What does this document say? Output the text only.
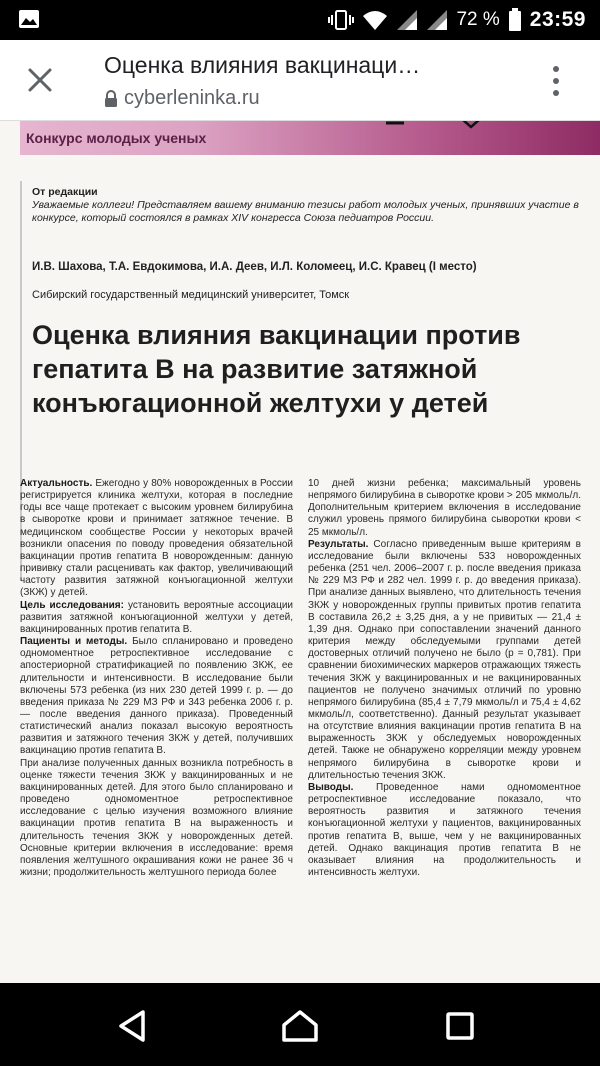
72 % 23:59
Оценка влияния вакцинаци…
cyberleninka.ru
Конкурс молодых ученых
От редакции
Уважаемые коллеги! Представляем вашему вниманию тезисы работ молодых ученых, принявших участие в конкурсе, который состоялся в рамках XIV конгресса Союза педиатров России.
И.В. Шахова, Т.А. Евдокимова, И.А. Деев, И.Л. Коломеец, И.С. Кравец (I место)
Сибирский государственный медицинский университет, Томск
Оценка влияния вакцинации против гепатита В на развитие затяжной конъюгационной желтухи у детей

Актуальность. Ежегодно у 80% новорожденных в России регистрируется клиника желтухи, которая в последние годы все чаще протекает с высоким уровнем билирубина в сыворотке крови и принимает затяжное течение. В медицинском сообществе России у некоторых врачей возникли опасения по поводу проведения обязательной вакцинации против гепатита В новорожденным: данную прививку стали расценивать как фактор, увеличивающий частоту развития затяжной конъюгационной желтухи (ЗКЖ) у детей.

Цель исследования: установить вероятные ассоциации развития затяжной конъюгационной желтухи у детей, вакцинированных против гепатита В.

Пациенты и методы. Было спланировано и проведено одномоментное ретроспективное исследование с апостериорной стратификацией по появлению ЗКЖ, ее длительности и интенсивности. В исследование были включены 573 ребенка (из них 230 детей 1999 г. р. — до введения приказа № 229 МЗ РФ и 343 ребенка 2006 г. р. — после введения данного приказа). Проведенный статистический анализ показал высокую вероятность развития и затяжного течения ЗКЖ у детей, получивших вакцинацию против гепатита В.

При анализе полученных данных возникла потребность в оценке тяжести течения ЗКЖ у вакцинированных и не вакцинированных детей. Для этого было спланировано и проведено одномоментное ретроспективное исследование с целью изучения возможного влияние вакцинации против гепатита В на выраженность и длительность течения ЗКЖ у новорожденных детей. Основные критерии включения в исследование: время появления желтушного окрашивания кожи не ранее 36 ч жизни; продолжительность желтушного периода более

10 дней жизни ребенка; максимальный уровень непрямого билирубина в сыворотке крови > 205 мкмоль/л. Дополнительным критерием включения в исследование служил уровень прямого билирубина сыворотки крови < 25 мкмоль/л.

Результаты. Согласно приведенным выше критериям в исследование были включены 533 новорожденных ребенка (251 чел. 2006–2007 г. р. после введения приказа № 229 МЗ РФ и 282 чел. 1999 г. р. до введения приказа). При анализе данных выявлено, что длительность течения ЗКЖ у новорожденных группы привитых против гепатита В составила 26,2 ± 3,25 дня, а у не привитых — 21,4 ± 1,39 дня. Однако при сопоставлении значений данного критерия между обследуемыми группами детей достоверных отличий получено не было (p = 0,781). При сравнении биохимических маркеров отражающих тяжесть течения ЗКЖ у вакцинированных и не вакцинированных пациентов не получено значимых отличий по уровню непрямого билирубина (85,4 ± 7,79 мкмоль/л и 75,4 ± 4,62 мкмоль/л, соответственно). Данный результат указывает на отсутствие влияния вакцинации против гепатита В на выраженность ЗКЖ у обследуемых новорожденных детей. Также не обнаружено корреляции между уровнем непрямого билирубина в сыворотке крови и длительностью течения ЗКЖ.

Выводы. Проведенное нами одномоментное ретроспективное исследование показало, что вероятность развития и затяжного течения конъюгационной желтухи у пациентов, вакцинированных против гепатита В, выше, чем у не вакцинированных детей. Однако вакцинация против гепатита В не оказывает влияния на продолжительность и интенсивность желтухи.
